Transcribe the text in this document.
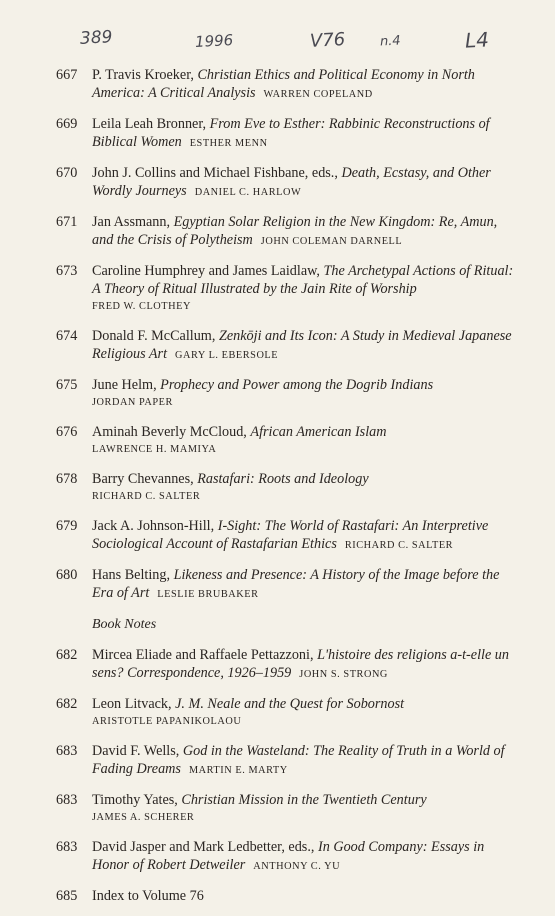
389	1996	V76	n.4	L4
667	P. Travis Kroeker, Christian Ethics and Political Economy in North America: A Critical Analysis WARREN COPELAND
669	Leila Leah Bronner, From Eve to Esther: Rabbinic Reconstructions of Biblical Women ESTHER MENN
670	John J. Collins and Michael Fishbane, eds., Death, Ecstasy, and Other Wordly Journeys DANIEL C. HARLOW
671	Jan Assmann, Egyptian Solar Religion in the New Kingdom: Re, Amun, and the Crisis of Polytheism JOHN COLEMAN DARNELL
673	Caroline Humphrey and James Laidlaw, The Archetypal Actions of Ritual: A Theory of Ritual Illustrated by the Jain Rite of Worship
FRED W. CLOTHEY
674	Donald F. McCallum, Zenkōji and Its Icon: A Study in Medieval Japanese Religious Art GARY L. EBERSOLE
675	June Helm, Prophecy and Power among the Dogrib Indians
JORDAN PAPER
676	Aminah Beverly McCloud, African American Islam
LAWRENCE H. MAMIYA
678	Barry Chevannes, Rastafari: Roots and Ideology
RICHARD C. SALTER
679	Jack A. Johnson-Hill, I-Sight: The World of Rastafari: An Interpretive Sociological Account of Rastafarian Ethics RICHARD C. SALTER
680	Hans Belting, Likeness and Presence: A History of the Image before the Era of Art LESLIE BRUBAKER
Book Notes
682	Mircea Eliade and Raffaele Pettazzoni, L'histoire des religions a-t-elle un sens? Correspondence, 1926–1959 JOHN S. STRONG
682	Leon Litvack, J. M. Neale and the Quest for Sobornost
ARISTOTLE PAPANIKOLAOU
683	David F. Wells, God in the Wasteland: The Reality of Truth in a World of Fading Dreams MARTIN E. MARTY
683	Timothy Yates, Christian Mission in the Twentieth Century
JAMES A. SCHERER
683	David Jasper and Mark Ledbetter, eds., In Good Company: Essays in Honor of Robert Detweiler ANTHONY C. YU
685	Index to Volume 76
